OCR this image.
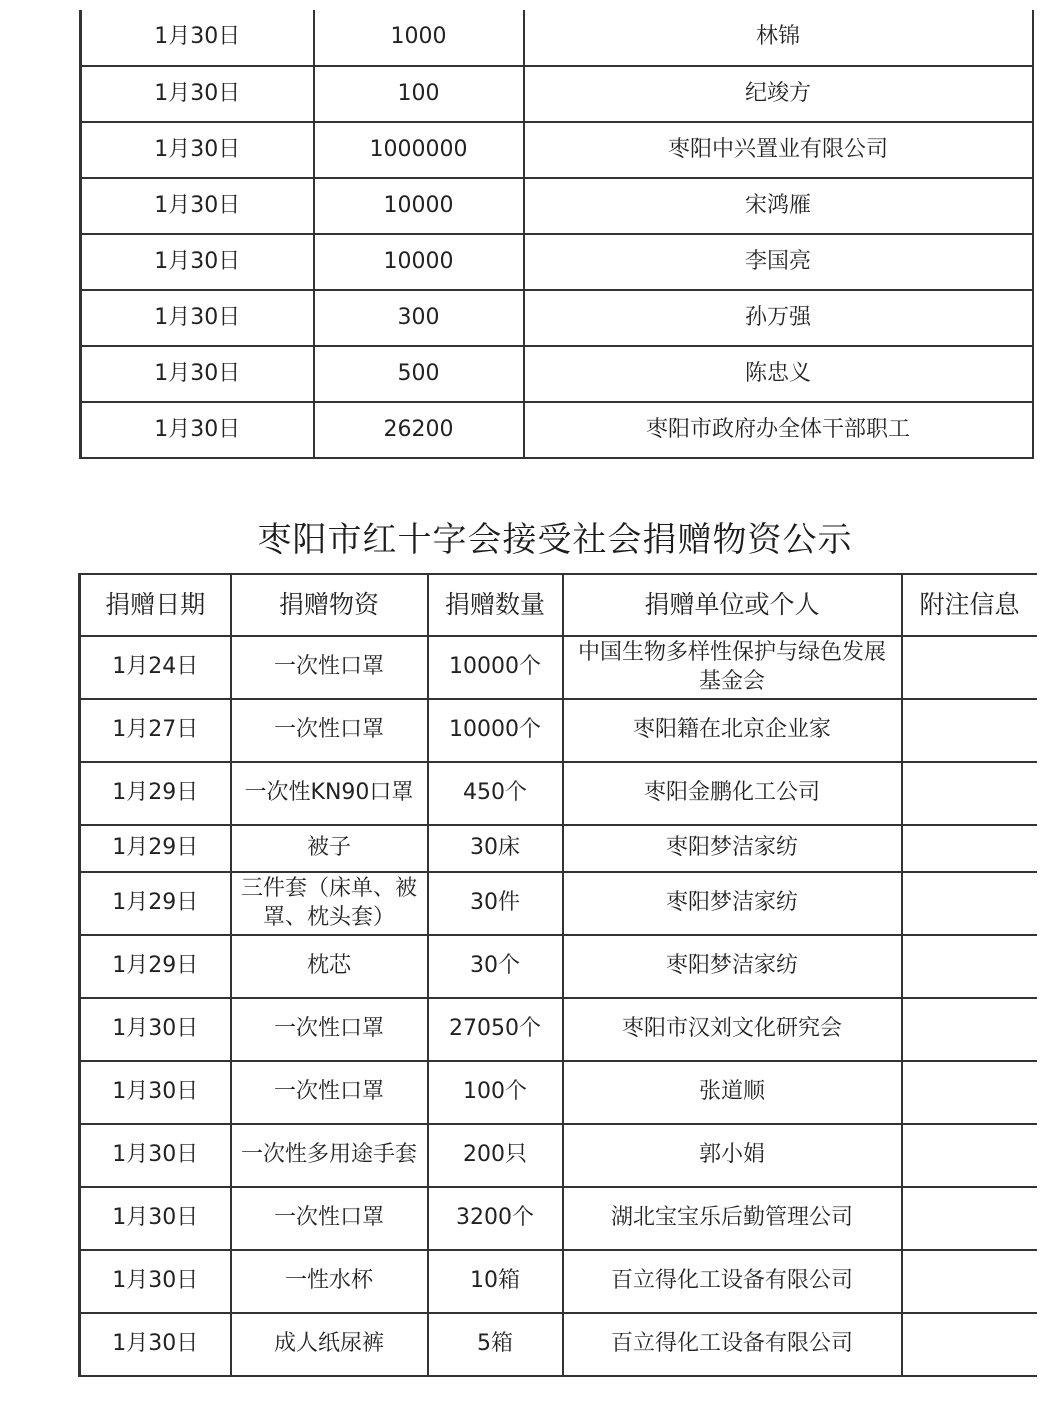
1月30日	1000	林锦
1月30日	100	纪竣方
1月30日	1000000	枣阳中兴置业有限公司
1月30日	10000	宋鸿雁
1月30日	10000	李国亮
1月30日	300	孙万强
1月30日	500	陈忠义
1月30日	26200	枣阳市政府办全体干部职工
枣阳市红十字会接受社会捐赠物资公示
捐赠日期	捐赠物资	捐赠数量	捐赠单位或个人	附注信息
1月24日	一次性口罩	10000个	中国生物多样性保护与绿色发展基金会	
1月27日	一次性口罩	10000个	枣阳籍在北京企业家	
1月29日	一次性KN90口罩	450个	枣阳金鹏化工公司	
1月29日	被子	30床	枣阳梦洁家纺	
1月29日	三件套（床单、被罩、枕头套）	30件	枣阳梦洁家纺	
1月29日	枕芯	30个	枣阳梦洁家纺	
1月30日	一次性口罩	27050个	枣阳市汉刘文化研究会	
1月30日	一次性口罩	100个	张道顺	
1月30日	一次性多用途手套	200只	郭小娟	
1月30日	一次性口罩	3200个	湖北宝宝乐后勤管理公司	
1月30日	一性水杯	10箱	百立得化工设备有限公司	
1月30日	成人纸尿裤	5箱	百立得化工设备有限公司	
